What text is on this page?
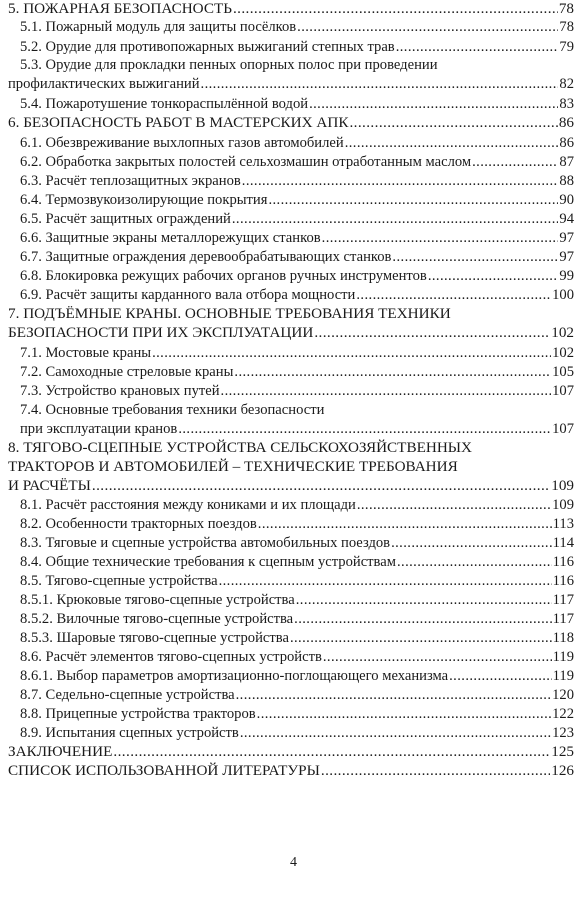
5. ПОЖАРНАЯ БЕЗОПАСНОСТЬ .....	78
5.1. Пожарный модуль для защиты посёлков .....	78
5.2. Орудие для противопожарных выжиганий степных трав .....	79
5.3. Орудие для прокладки пенных опорных полос при проведении
профилактических выжиганий .....	82
5.4. Пожаротушение тонкораспылённой водой .....	83
6. БЕЗОПАСНОСТЬ РАБОТ В МАСТЕРСКИХ АПК .....	86
6.1. Обезвреживание выхлопных газов автомобилей .....	86
6.2. Обработка закрытых полостей сельхозмашин отработанным маслом .....	87
6.3. Расчёт теплозащитных экранов .....	88
6.4. Термозвукоизолирующие покрытия .....	90
6.5. Расчёт защитных ограждений .....	94
6.6. Защитные экраны металлорежущих станков .....	97
6.7. Защитные ограждения деревообрабатывающих станков .....	97
6.8. Блокировка режущих рабочих органов ручных инструментов .....	99
6.9. Расчёт защиты карданного вала отбора мощности .....	100
7. ПОДЪЁМНЫЕ КРАНЫ. ОСНОВНЫЕ ТРЕБОВАНИЯ ТЕХНИКИ
БЕЗОПАСНОСТИ ПРИ ИХ ЭКСПЛУАТАЦИИ .....	102
7.1. Мостовые краны .....	102
7.2. Самоходные стреловые краны .....	105
7.3. Устройство крановых путей .....	107
7.4. Основные требования техники безопасности
при эксплуатации кранов .....	107
8. ТЯГОВО-СЦЕПНЫЕ УСТРОЙСТВА СЕЛЬСКОХОЗЯЙСТВЕННЫХ
ТРАКТОРОВ И АВТОМОБИЛЕЙ – ТЕХНИЧЕСКИЕ ТРЕБОВАНИЯ
И РАСЧЁТЫ .....	109
8.1. Расчёт расстояния между кониками и их площади .....	109
8.2. Особенности тракторных поездов .....	113
8.3. Тяговые и сцепные устройства автомобильных поездов .....	114
8.4. Общие технические требования к сцепным устройствам .....	116
8.5. Тягово-сцепные устройства .....	116
8.5.1. Крюковые тягово-сцепные устройства .....	117
8.5.2. Вилочные тягово-сцепные устройства .....	117
8.5.3. Шаровые тягово-сцепные устройства .....	118
8.6. Расчёт элементов тягово-сцепных устройств .....	119
8.6.1. Выбор параметров амортизационно-поглощающего механизма .....	119
8.7. Седельно-сцепные устройства .....	120
8.8. Прицепные устройства тракторов .....	122
8.9. Испытания сцепных устройств .....	123
ЗАКЛЮЧЕНИЕ .....	125
СПИСОК ИСПОЛЬЗОВАННОЙ ЛИТЕРАТУРЫ .....	126
4
